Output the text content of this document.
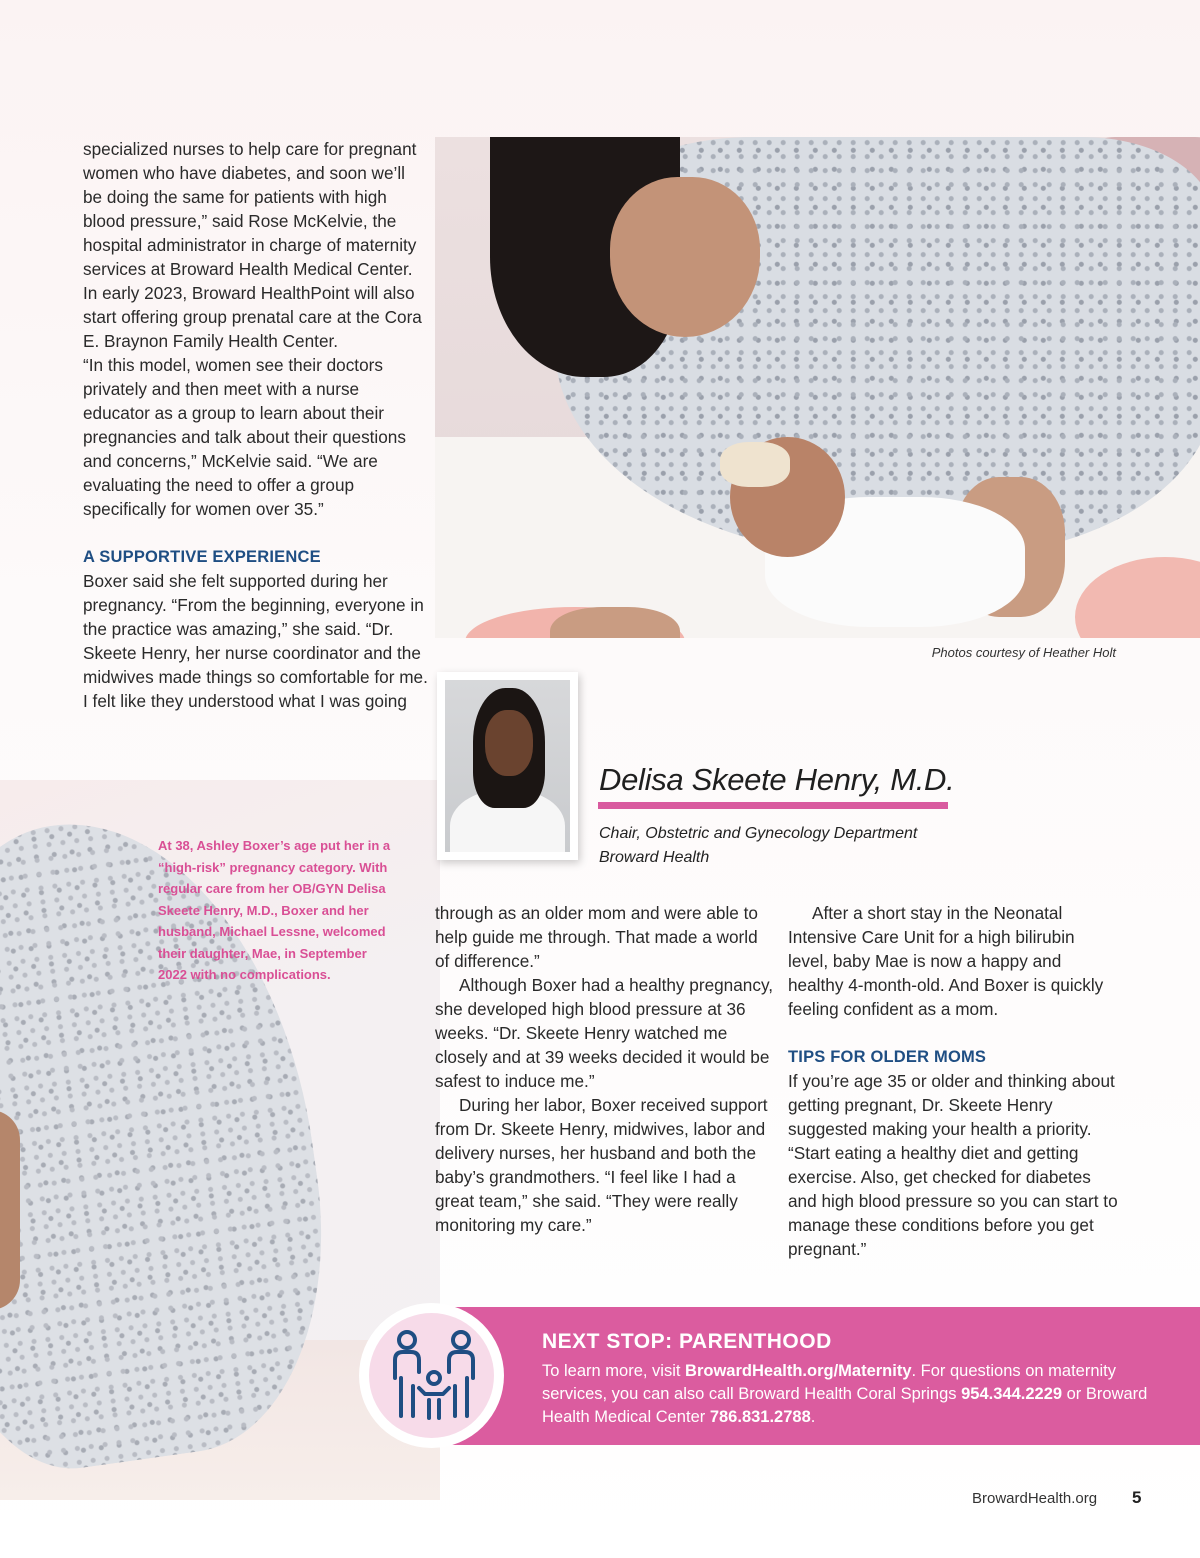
Photos courtesy of Heather Holt

specialized nurses to help care for pregnant women who have diabetes, and soon we’ll be doing the same for patients with high blood pressure,” said Rose McKelvie, the hospital administrator in charge of maternity services at Broward Health Medical Center. In early 2023, Broward HealthPoint will also start offering group prenatal care at the Cora E. Braynon Family Health Center.

“In this model, women see their doctors privately and then meet with a nurse educator as a group to learn about their pregnancies and talk about their questions and concerns,” McKelvie said. “We are evaluating the need to offer a group specifically for women over 35.”

A SUPPORTIVE EXPERIENCE

Boxer said she felt supported during her pregnancy. “From the beginning, everyone in the practice was amazing,” she said. “Dr. Skeete Henry, her nurse coordinator and the midwives made things so comfortable for me. I felt like they understood what I was going

At 38, Ashley Boxer’s age put her in a “high-risk” pregnancy category. With regular care from her OB/GYN Delisa Skeete Henry, M.D., Boxer and her husband, Michael Lessne, welcomed their daughter, Mae, in September 2022 with no complications.
Delisa Skeete Henry, M.D.
Chair, Obstetric and Gynecology Department
Broward Health

through as an older mom and were able to help guide me through. That made a world of difference.”

Although Boxer had a healthy pregnancy, she developed high blood pressure at 36 weeks. “Dr. Skeete Henry watched me closely and at 39 weeks decided it would be safest to induce me.”

During her labor, Boxer received support from Dr. Skeete Henry, midwives, labor and delivery nurses, her husband and both the baby’s grandmothers. “I feel like I had a great team,” she said. “They were really monitoring my care.”

After a short stay in the Neonatal Intensive Care Unit for a high bilirubin level, baby Mae is now a happy and healthy 4-month-old. And Boxer is quickly feeling confident as a mom.

TIPS FOR OLDER MOMS

If you’re age 35 or older and thinking about getting pregnant, Dr. Skeete Henry suggested making your health a priority. “Start eating a healthy diet and getting exercise. Also, get checked for diabetes and high blood pressure so you can start to manage these conditions before you get pregnant.”

NEXT STOP: PARENTHOOD
To learn more, visit BrowardHealth.org/Maternity. For questions on maternity services, you can also call Broward Health Coral Springs 954.344.2229 or Broward Health Medical Center 786.831.2788.
BrowardHealth.org 5
